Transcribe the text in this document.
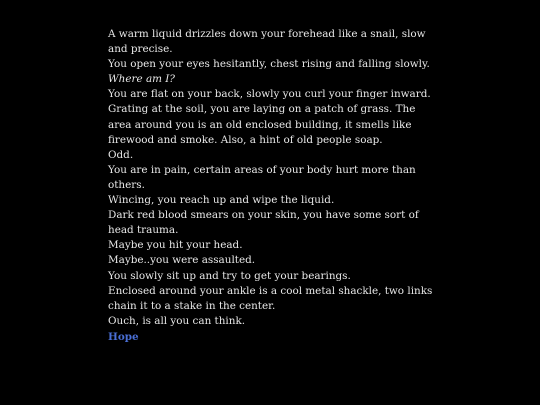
A warm liquid drizzles down your forehead like a snail, slow and precise.
You open your eyes hesitantly, chest rising and falling slowly.
Where am I?
You are flat on your back, slowly you curl your finger inward. Grating at the soil, you are laying on a patch of grass. The area around you is an old enclosed building, it smells like firewood and smoke. Also, a hint of old people soap.
Odd.
You are in pain, certain areas of your body hurt more than others.
Wincing, you reach up and wipe the liquid.
Dark red blood smears on your skin, you have some sort of head trauma.
Maybe you hit your head.
Maybe..you were assaulted.
You slowly sit up and try to get your bearings.
Enclosed around your ankle is a cool metal shackle, two links chain it to a stake in the center.
Ouch, is all you can think.
Hope
